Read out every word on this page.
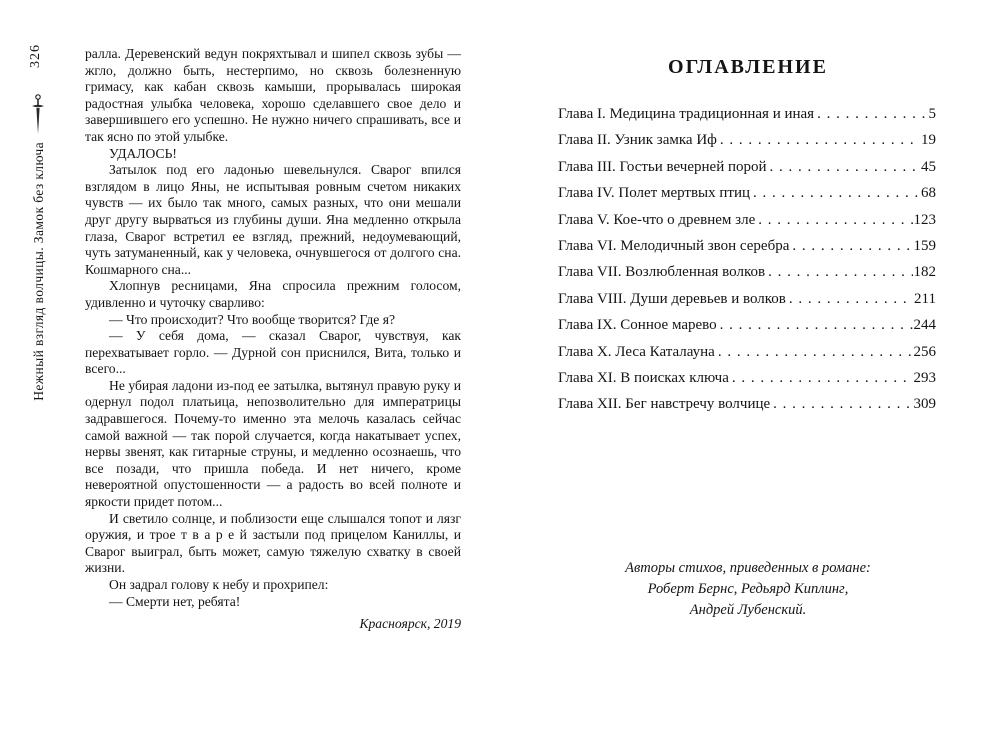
326
Нежный взгляд волчицы. Замок без ключа

ралла. Деревенский ведун покряхтывал и шипел сквозь зубы — жгло, должно быть, нестерпимо, но сквозь болезненную гримасу, как кабан сквозь камыши, прорывалась широкая радостная улыбка человека, хорошо сделавшего свое дело и завершившего его успешно. Не нужно ничего спрашивать, все и так ясно по этой улыбке.

УДАЛОСЬ!

Затылок под его ладонью шевельнулся. Сварог впился взглядом в лицо Яны, не испытывая ровным счетом никаких чувств — их было так много, самых разных, что они мешали друг другу вырваться из глубины души. Яна медленно открыла глаза, Сварог встретил ее взгляд, прежний, недоумевающий, чуть затуманенный, как у человека, очнувшегося от долгого сна. Кошмарного сна...

Хлопнув ресницами, Яна спросила прежним голосом, удивленно и чуточку сварливо:

— Что происходит? Что вообще творится? Где я?

— У себя дома, — сказал Сварог, чувствуя, как перехватывает горло. — Дурной сон приснился, Вита, только и всего...

Не убирая ладони из-под ее затылка, вытянул правую руку и одернул подол платьица, непозволительно для императрицы задравшегося. Почему-то именно эта мелочь казалась сейчас самой важной — так порой случается, когда накатывает успех, нервы звенят, как гитарные струны, и медленно осознаешь, что все позади, что пришла победа. И нет ничего, кроме невероятной опустошенности — а радость во всей полноте и яркости придет потом...

И светило солнце, и поблизости еще слышался топот и лязг оружия, и трое т в а р е й застыли под прицелом Каниллы, и Сварог выиграл, быть может, самую тяжелую схватку в своей жизни.

Он задрал голову к небу и прохрипел:

— Смерти нет, ребята!

Красноярск, 2019
ОГЛАВЛЕНИЕ
Глава I. Медицина традиционная и иная . . .	5
Глава II. Узник замка Иф . . .	19
Глава III. Гостьи вечерней порой . . .	45
Глава IV. Полет мертвых птиц . . .	68
Глава V. Кое-что о древнем зле . . .	123
Глава VI. Мелодичный звон серебра . . .	159
Глава VII. Возлюбленная волков . . .	182
Глава VIII. Души деревьев и волков . . .	211
Глава IX. Сонное марево . . .	244
Глава X. Леса Каталауна . . .	256
Глава XI. В поисках ключа . . .	293
Глава XII. Бег навстречу волчице . . .	309
Авторы стихов, приведенных в романе:
Роберт Бернс, Редьярд Киплинг,
Андрей Лубенский.
